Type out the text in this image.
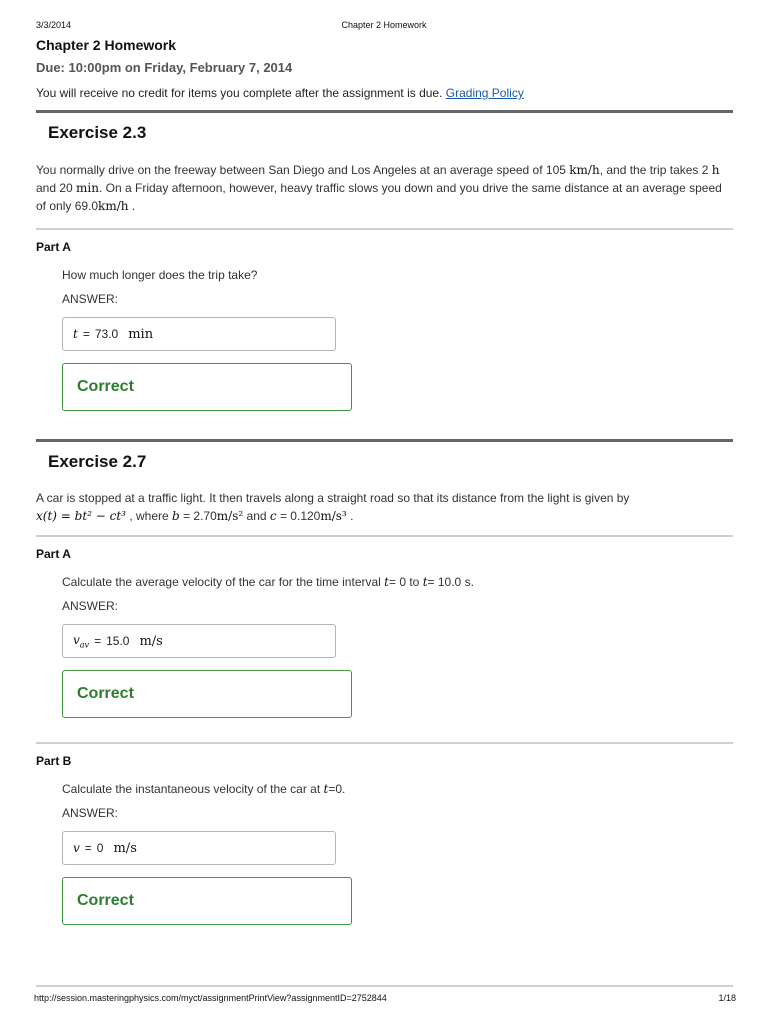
3/3/2014	Chapter 2 Homework
Chapter 2 Homework

Due: 10:00pm on Friday, February 7, 2014

You will receive no credit for items you complete after the assignment is due. Grading Policy

Exercise 2.3

You normally drive on the freeway between San Diego and Los Angeles at an average speed of 105 km/h, and the trip takes 2 h and 20 min. On a Friday afternoon, however, heavy traffic slows you down and you drive the same distance at an average speed of only 69.0km/h .

Part A

How much longer does the trip take?

ANSWER:

t = 73.0 min
Correct
Exercise 2.7

A car is stopped at a traffic light. It then travels along a straight road so that its distance from the light is given by
x(t) = bt² − ct³ , where b = 2.70m/s² and c = 0.120m/s³ .

Part A

Calculate the average velocity of the car for the time interval t= 0 to t= 10.0 s.

ANSWER:

$v_{av} = 15.0$ m/s
Correct

Part B

Calculate the instantaneous velocity of the car at t=0.

ANSWER:

v = 0 m/s
Correct
http://session.masteringphysics.com/myct/assignmentPrintView?assignmentID=2752844	1/18
